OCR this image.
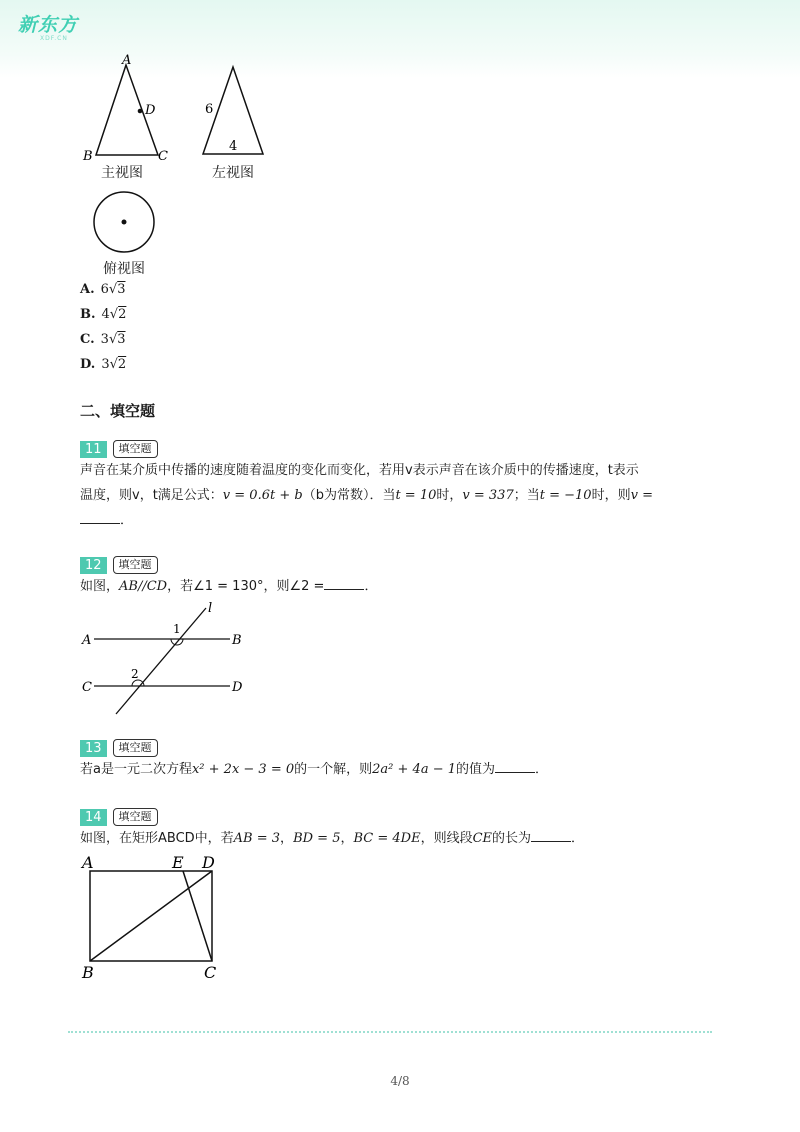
新东方
XDF.CN
A
D
B	C
主视图
6
4
左视图
俯视图
A. 6√3
B. 4√2
C. 3√3
D. 3√2
二、填空题
11	填空题
声音在某介质中传播的速度随着温度的变化而变化，若用v表示声音在该介质中的传播速度，t表示
温度，则v，t满足公式：v = 0.6t + b（b为常数）．当t = 10时，v = 337；当t = −10时，则v =
．
12	填空题
如图，AB//CD，若∠1 = 130°，则∠2 =	．
A	B
C	D
l
1
2
13	填空题
若a是一元二次方程x² + 2x − 3 = 0的一个解，则2a² + 4a − 1的值为	．
14	填空题
如图，在矩形ABCD中，若AB = 3，BD = 5，BC = 4DE，则线段CE的长为	．
A	E D
B	C
4/8
